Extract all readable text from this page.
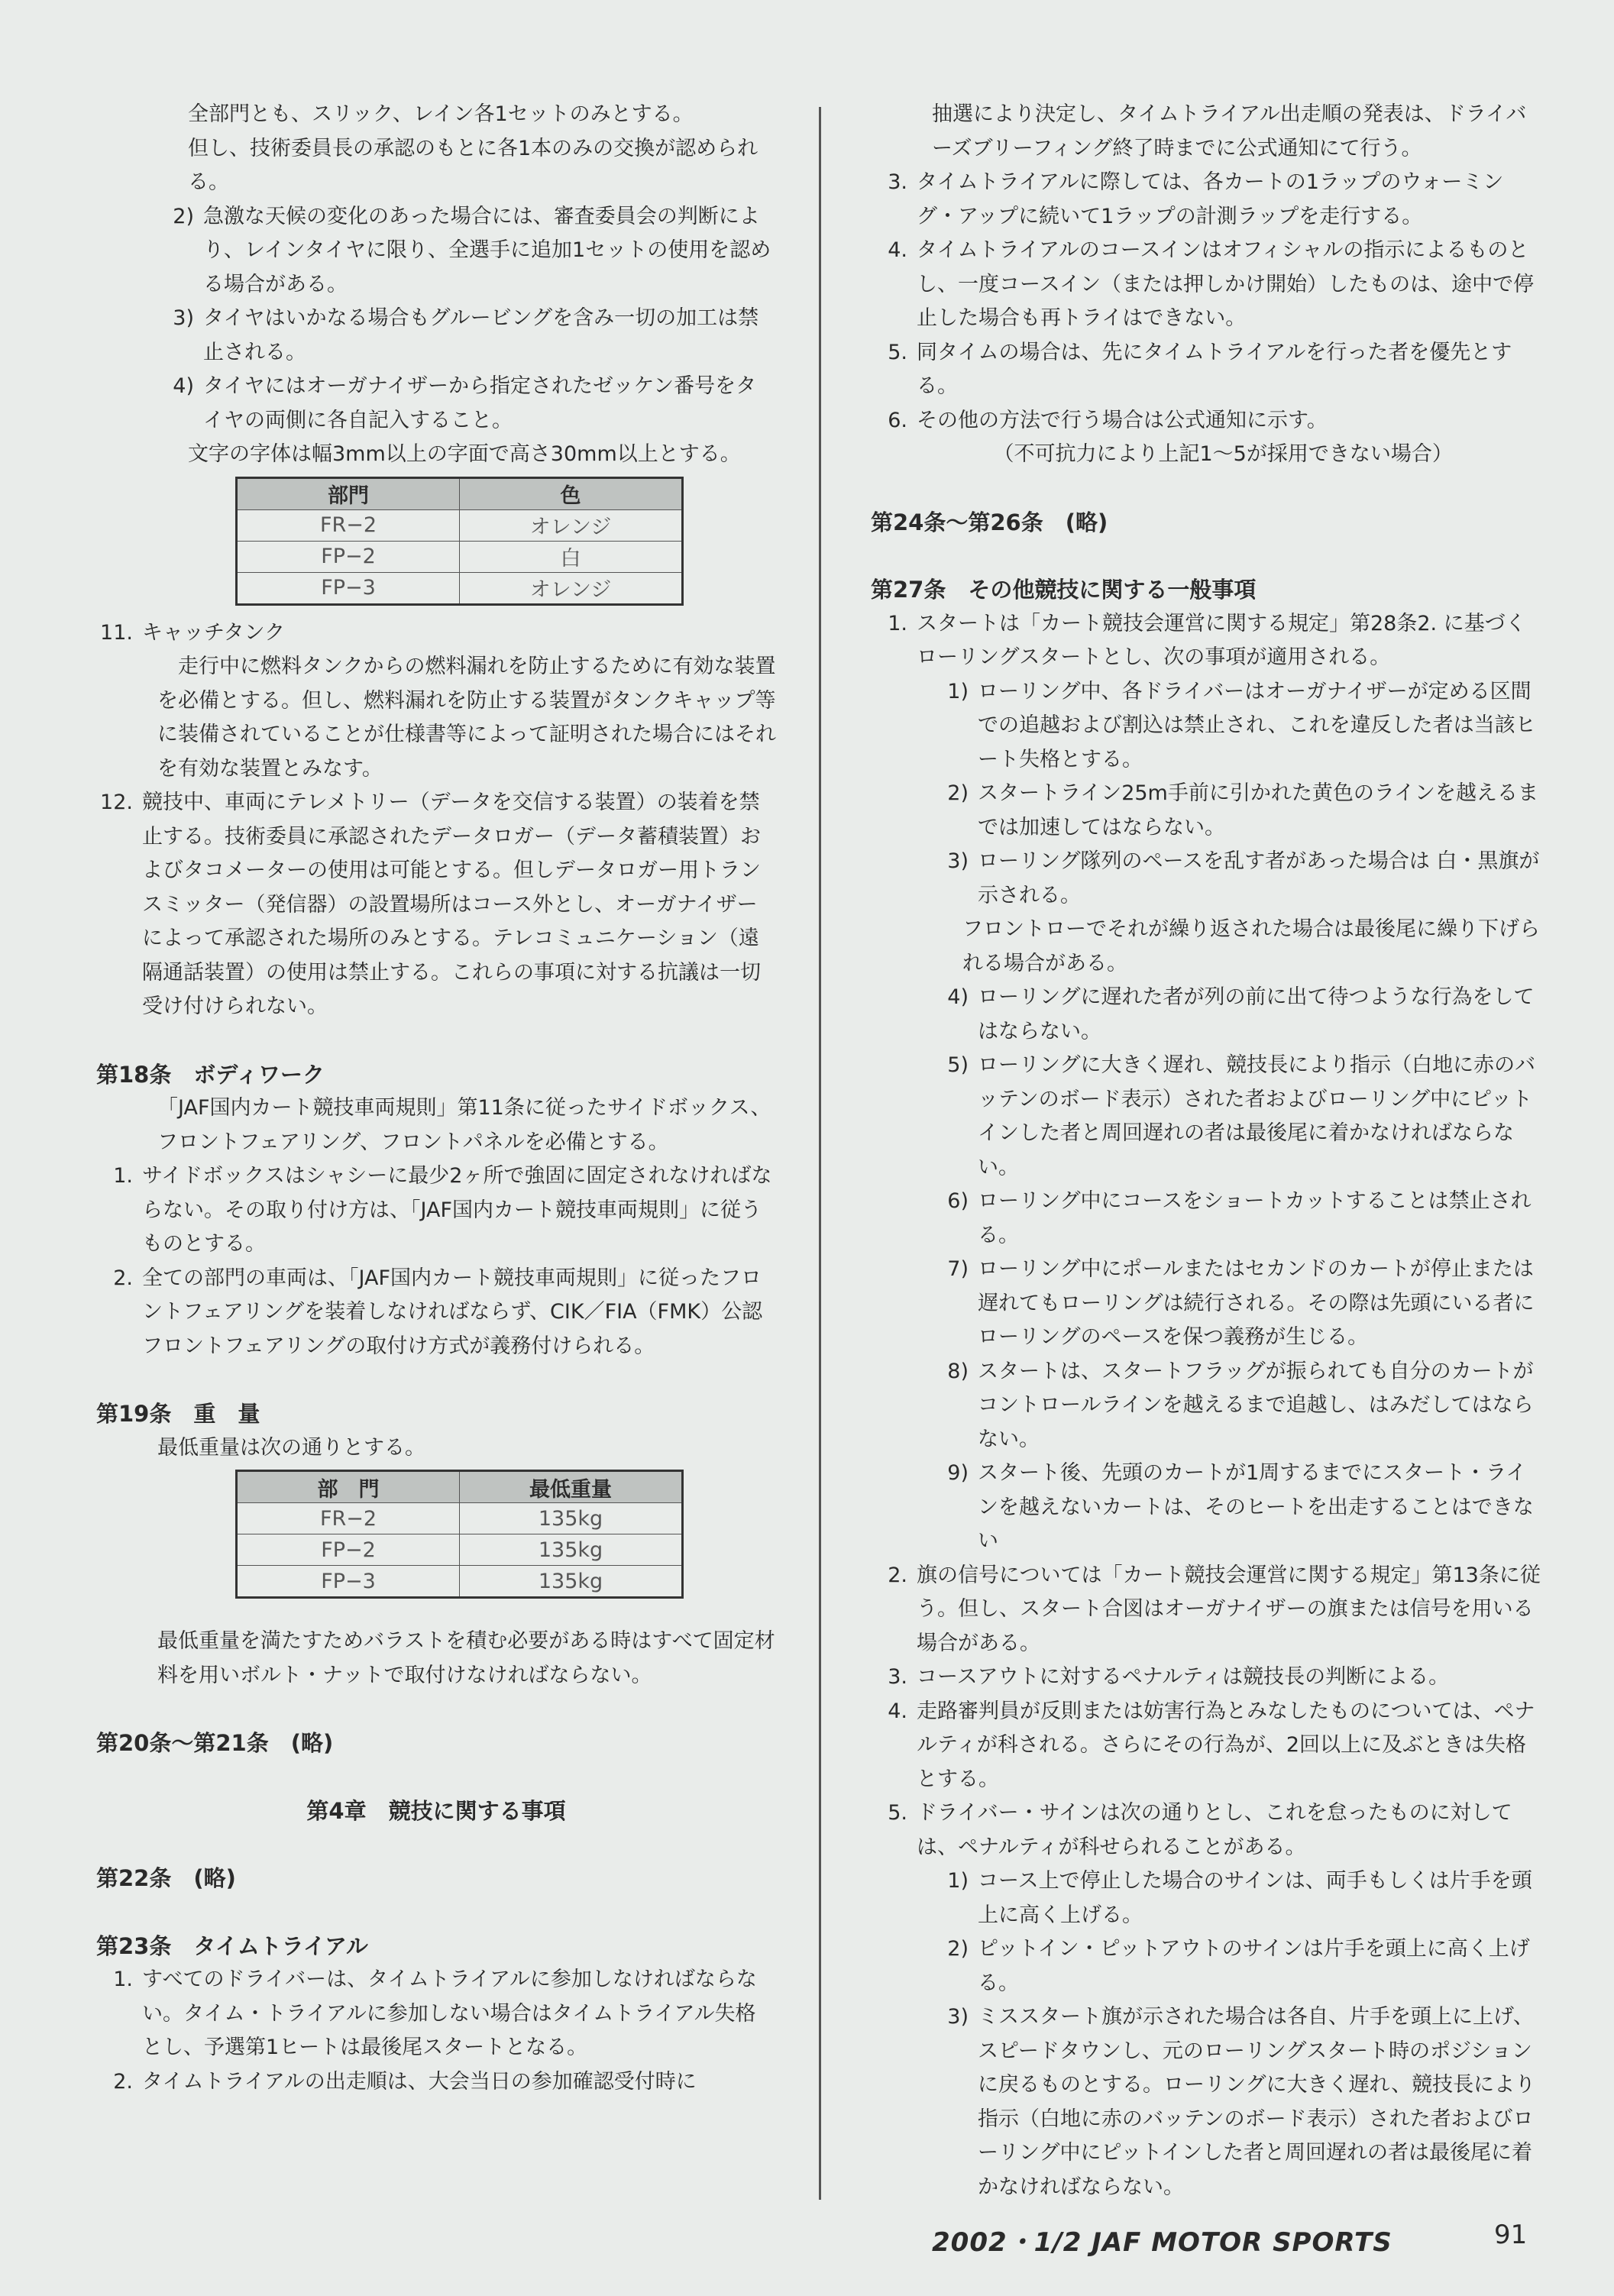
全部門とも、スリック、レイン各1セットのみとする。

但し、技術委員長の承認のもとに各1本のみの交換が認められる。

2) 急激な天候の変化のあった場合には、審査委員会の判断により、レインタイヤに限り、全選手に追加1セットの使用を認める場合がある。
3) タイヤはいかなる場合もグルービングを含み一切の加工は禁止される。
4) タイヤにはオーガナイザーから指定されたゼッケン番号をタイヤの両側に各自記入すること。

文字の字体は幅3mm以上の字面で高さ30mm以上とする。

部門	色
FR−2	オレンジ
FP−2	白
FP−3	オレンジ
11. キャッチタンク

　走行中に燃料タンクからの燃料漏れを防止するために有効な装置を必備とする。但し、燃料漏れを防止する装置がタンクキャップ等に装備されていることが仕様書等によって証明された場合にはそれを有効な装置とみなす。

12. 競技中、車両にテレメトリー（データを交信する装置）の装着を禁止する。技術委員に承認されたデータロガー（データ蓄積装置）およびタコメーターの使用は可能とする。但しデータロガー用トランスミッター（発信器）の設置場所はコース外とし、オーガナイザーによって承認された場所のみとする。テレコミュニケーション（遠隔通話装置）の使用は禁止する。これらの事項に対する抗議は一切受け付けられない。

第18条　ボディワーク

「JAF国内カート競技車両規則」第11条に従ったサイドボックス、フロントフェアリング、フロントパネルを必備とする。

1. サイドボックスはシャシーに最少2ヶ所で強固に固定されなければならない。その取り付け方は、「JAF国内カート競技車両規則」に従うものとする。
2. 全ての部門の車両は、「JAF国内カート競技車両規則」に従ったフロントフェアリングを装着しなければならず、CIK／FIA（FMK）公認フロントフェアリングの取付け方式が義務付けられる。

第19条　重　量

最低重量は次の通りとする。

部　門	最低重量
FR−2	135kg
FP−2	135kg
FP−3	135kg

最低重量を満たすためバラストを積む必要がある時はすべて固定材料を用いボルト・ナットで取付けなければならない。

第20条〜第21条　(略)

第4章　競技に関する事項

第22条　(略)

第23条　タイムトライアル

1. すべてのドライバーは、タイムトライアルに参加しなければならない。タイム・トライアルに参加しない場合はタイムトライアル失格とし、予選第1ヒートは最後尾スタートとなる。
2. タイムトライアルの出走順は、大会当日の参加確認受付時に

抽選により決定し、タイムトライアル出走順の発表は、ドライバーズブリーフィング終了時までに公式通知にて行う。

3. タイムトライアルに際しては、各カートの1ラップのウォーミング・アップに続いて1ラップの計測ラップを走行する。
4. タイムトライアルのコースインはオフィシャルの指示によるものとし、一度コースイン（または押しかけ開始）したものは、途中で停止した場合も再トライはできない。
5. 同タイムの場合は、先にタイムトライアルを行った者を優先とする。
6. その他の方法で行う場合は公式通知に示す。

　　（不可抗力により上記1〜5が採用できない場合）

第24条〜第26条　(略)

第27条　その他競技に関する一般事項

1. スタートは「カート競技会運営に関する規定」第28条2. に基づくローリングスタートとし、次の事項が適用される。
1) ローリング中、各ドライバーはオーガナイザーが定める区間での追越および割込は禁止され、これを違反した者は当該ヒート失格とする。
2) スタートライン25m手前に引かれた黄色のラインを越えるまでは加速してはならない。
3) ローリング隊列のペースを乱す者があった場合は 白・黒旗が示される。

フロントローでそれが繰り返された場合は最後尾に繰り下げられる場合がある。

4) ローリングに遅れた者が列の前に出て待つような行為をしてはならない。
5) ローリングに大きく遅れ、競技長により指示（白地に赤のバッテンのボード表示）された者およびローリング中にピットインした者と周回遅れの者は最後尾に着かなければならない。
6) ローリング中にコースをショートカットすることは禁止される。
7) ローリング中にポールまたはセカンドのカートが停止または遅れてもローリングは続行される。その際は先頭にいる者にローリングのペースを保つ義務が生じる。
8) スタートは、スタートフラッグが振られても自分のカートがコントロールラインを越えるまで追越し、はみだしてはならない。
9) スタート後、先頭のカートが1周するまでにスタート・ラインを越えないカートは、そのヒートを出走することはできない
2. 旗の信号については「カート競技会運営に関する規定」第13条に従う。但し、スタート合図はオーガナイザーの旗または信号を用いる場合がある。
3. コースアウトに対するペナルティは競技長の判断による。
4. 走路審判員が反則または妨害行為とみなしたものについては、ペナルティが科される。さらにその行為が、2回以上に及ぶときは失格とする。
5. ドライバー・サインは次の通りとし、これを怠ったものに対しては、ペナルティが科せられることがある。
1) コース上で停止した場合のサインは、両手もしくは片手を頭上に高く上げる。
2) ピットイン・ピットアウトのサインは片手を頭上に高く上げる。
3) ミススタート旗が示された場合は各自、片手を頭上に上げ、スピードタウンし、元のローリングスタート時のポジションに戻るものとする。ローリングに大きく遅れ、競技長により指示（白地に赤のバッテンのボード表示）された者およびローリング中にピットインした者と周回遅れの者は最後尾に着かなければならない。
2002・1/2 JAF MOTOR SPORTS	91
